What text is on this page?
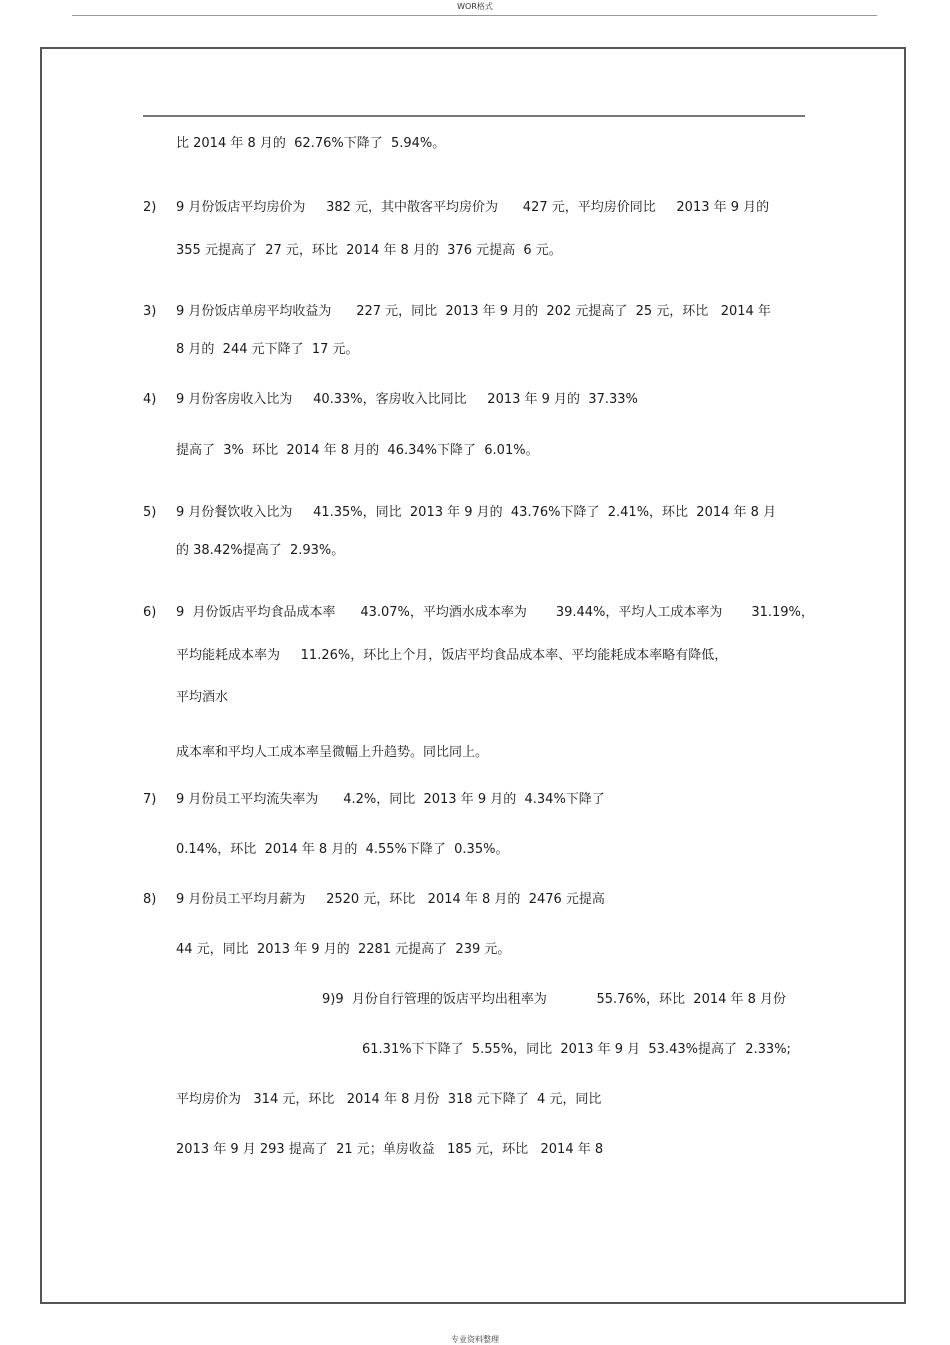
WOR格式
比 2014 年 8 月的  62.76%下降了  5.94%。
2) 9 月份饭店平均房价为     382 元，其中散客平均房价为      427 元，平均房价同比     2013 年 9 月的
355 元提高了  27 元，环比  2014 年 8 月的  376 元提高  6 元。
3) 9 月份饭店单房平均收益为      227 元，同比  2013 年 9 月的  202 元提高了  25 元，环比   2014 年
8 月的  244 元下降了  17 元。
4) 9 月份客房收入比为     40.33%，客房收入比同比     2013 年 9 月的  37.33%
提高了  3%  环比  2014 年 8 月的  46.34%下降了  6.01%。
5) 9 月份餐饮收入比为     41.35%，同比  2013 年 9 月的  43.76%下降了  2.41%，环比  2014 年 8 月
的 38.42%提高了  2.93%。
6) 9  月份饭店平均食品成本率      43.07%，平均酒水成本率为       39.44%，平均人工成本率为       31.19%，
平均能耗成本率为     11.26%，环比上个月，饭店平均食品成本率、平均能耗成本率略有降低，
平均酒水
成本率和平均人工成本率呈微幅上升趋势。同比同上。
7) 9 月份员工平均流失率为      4.2%，同比  2013 年 9 月的  4.34%下降了
0.14%，环比  2014 年 8 月的  4.55%下降了  0.35%。
8) 9 月份员工平均月薪为     2520 元，环比   2014 年 8 月的  2476 元提高
44 元，同比  2013 年 9 月的  2281 元提高了  239 元。
9)9  月份自行管理的饭店平均出租率为            55.76%，环比  2014 年 8 月份
61.31%下下降了  5.55%，同比  2013 年 9 月  53.43%提高了  2.33%;
平均房价为   314 元，环比   2014 年 8 月份  318 元下降了  4 元，同比
2013 年 9 月 293 提高了  21 元；单房收益   185 元，环比   2014 年 8
专业资料整理
